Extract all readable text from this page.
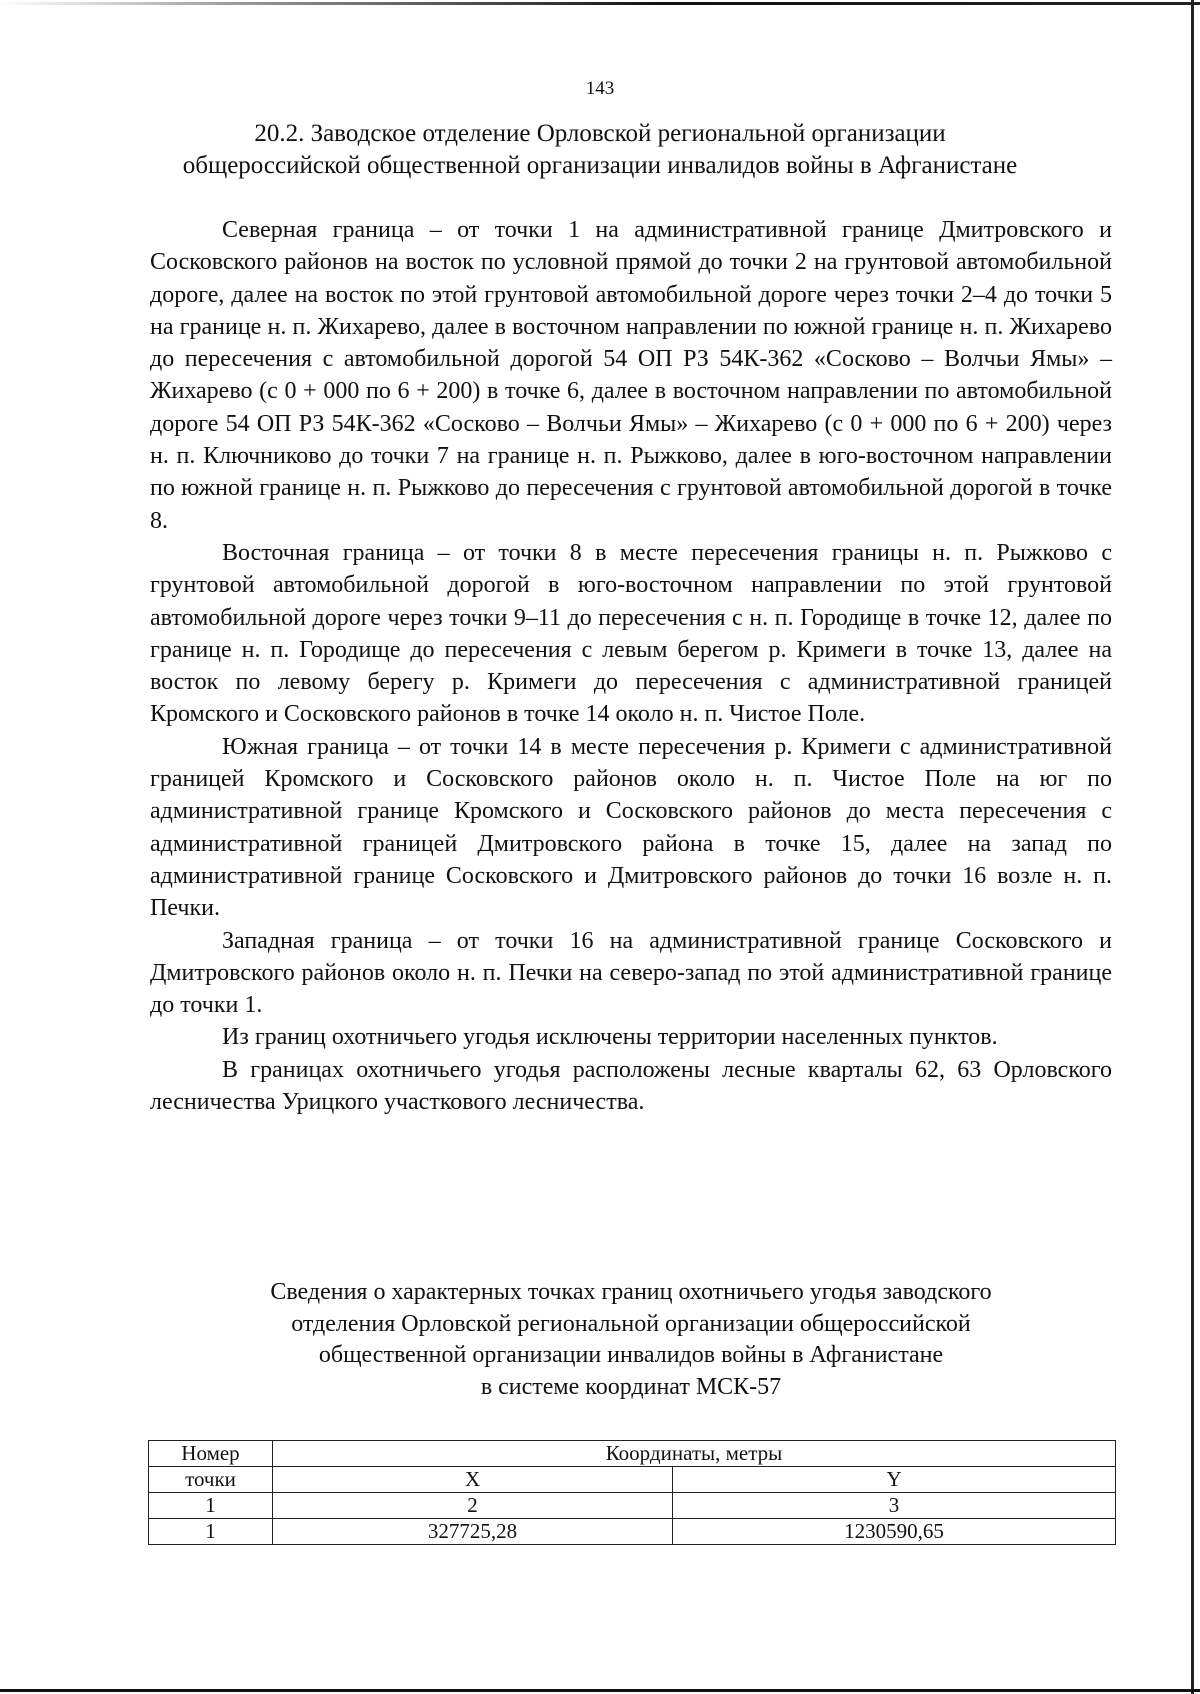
143
20.2. Заводское отделение Орловской региональной организации
общероссийской общественной организации инвалидов войны в Афганистане

Северная граница – от точки 1 на административной границе Дмитровского и Сосковского районов на восток по условной прямой до точки 2 на грунтовой автомобильной дороге, далее на восток по этой грунтовой автомобильной дороге через точки 2–4 до точки 5 на границе н. п. Жихарево, далее в восточном направлении по южной границе н. п. Жихарево до пересечения с автомобильной дорогой 54 ОП РЗ 54К-362 «Сосково – Волчьи Ямы» – Жихарево (с 0 + 000 по 6 + 200) в точке 6, далее в восточном направлении по автомобильной дороге 54 ОП РЗ 54К-362 «Сосково – Волчьи Ямы» – Жихарево (с 0 + 000 по 6 + 200) через н. п. Ключниково до точки 7 на границе н. п. Рыжково, далее в юго-восточном направлении по южной границе н. п. Рыжково до пересечения с грунтовой автомобильной дорогой в точке 8.

Восточная граница – от точки 8 в месте пересечения границы н. п. Рыжково с грунтовой автомобильной дорогой в юго-восточном направлении по этой грунтовой автомобильной дороге через точки 9–11 до пересечения с н. п. Городище в точке 12, далее по границе н. п. Городище до пересечения с левым берегом р. Кримеги в точке 13, далее на восток по левому берегу р. Кримеги до пересечения с административной границей Кромского и Сосковского районов в точке 14 около н. п. Чистое Поле.

Южная граница – от точки 14 в месте пересечения р. Кримеги с административной границей Кромского и Сосковского районов около н. п. Чистое Поле на юг по административной границе Кромского и Сосковского районов до места пересечения с административной границей Дмитровского района в точке 15, далее на запад по административной границе Сосковского и Дмитровского районов до точки 16 возле н. п. Печки.

Западная граница – от точки 16 на административной границе Сосковского и Дмитровского районов около н. п. Печки на северо-запад по этой административной границе до точки 1.

Из границ охотничьего угодья исключены территории населенных пунктов.

В границах охотничьего угодья расположены лесные кварталы 62, 63 Орловского лесничества Урицкого участкового лесничества.

Сведения о характерных точках границ охотничьего угодья заводского
отделения Орловской региональной организации общероссийской
общественной организации инвалидов войны в Афганистане
в системе координат МСК-57
Номер	Координаты, метры	
точки	X	Y
1	2	3
1	327725,28	1230590,65
